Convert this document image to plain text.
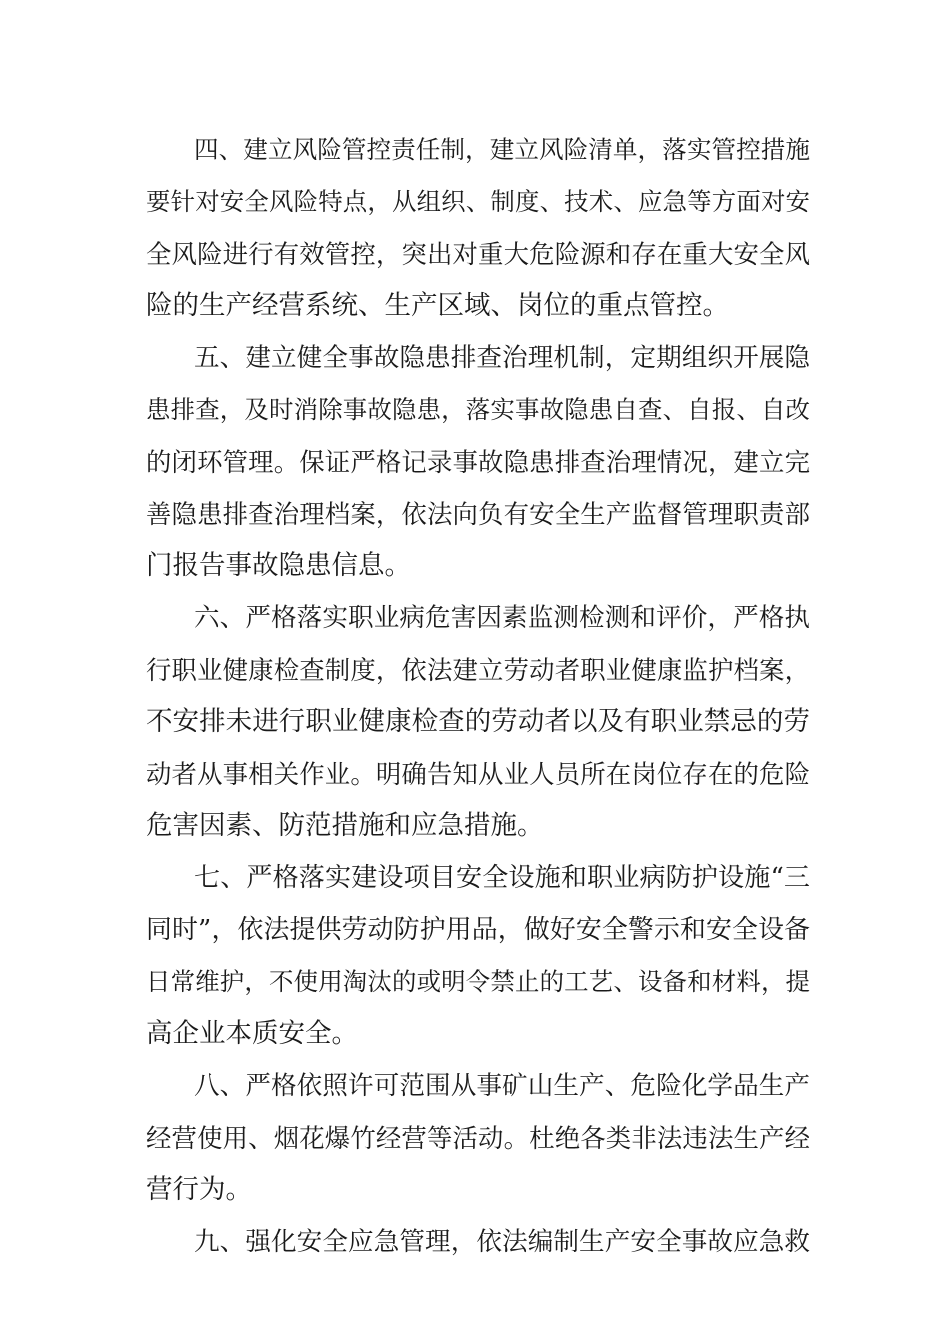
四、建立风险管控责任制，建立风险清单，落实管控措施
要针对安全风险特点，从组织、制度、技术、应急等方面对安
全风险进行有效管控，突出对重大危险源和存在重大安全风
险的生产经营系统、生产区域、岗位的重点管控。
五、建立健全事故隐患排查治理机制，定期组织开展隐
患排查，及时消除事故隐患，落实事故隐患自查、自报、自改
的闭环管理。保证严格记录事故隐患排查治理情况，建立完
善隐患排查治理档案，依法向负有安全生产监督管理职责部
门报告事故隐患信息。
六、严格落实职业病危害因素监测检测和评价，严格执
行职业健康检查制度，依法建立劳动者职业健康监护档案，
不安排未进行职业健康检查的劳动者以及有职业禁忌的劳
动者从事相关作业。明确告知从业人员所在岗位存在的危险
危害因素、防范措施和应急措施。
七、严格落实建设项目安全设施和职业病防护设施“三
同时”，依法提供劳动防护用品，做好安全警示和安全设备
日常维护，不使用淘汰的或明令禁止的工艺、设备和材料，提
高企业本质安全。
八、严格依照许可范围从事矿山生产、危险化学品生产
经营使用、烟花爆竹经营等活动。杜绝各类非法违法生产经
营行为。
九、强化安全应急管理，依法编制生产安全事故应急救
